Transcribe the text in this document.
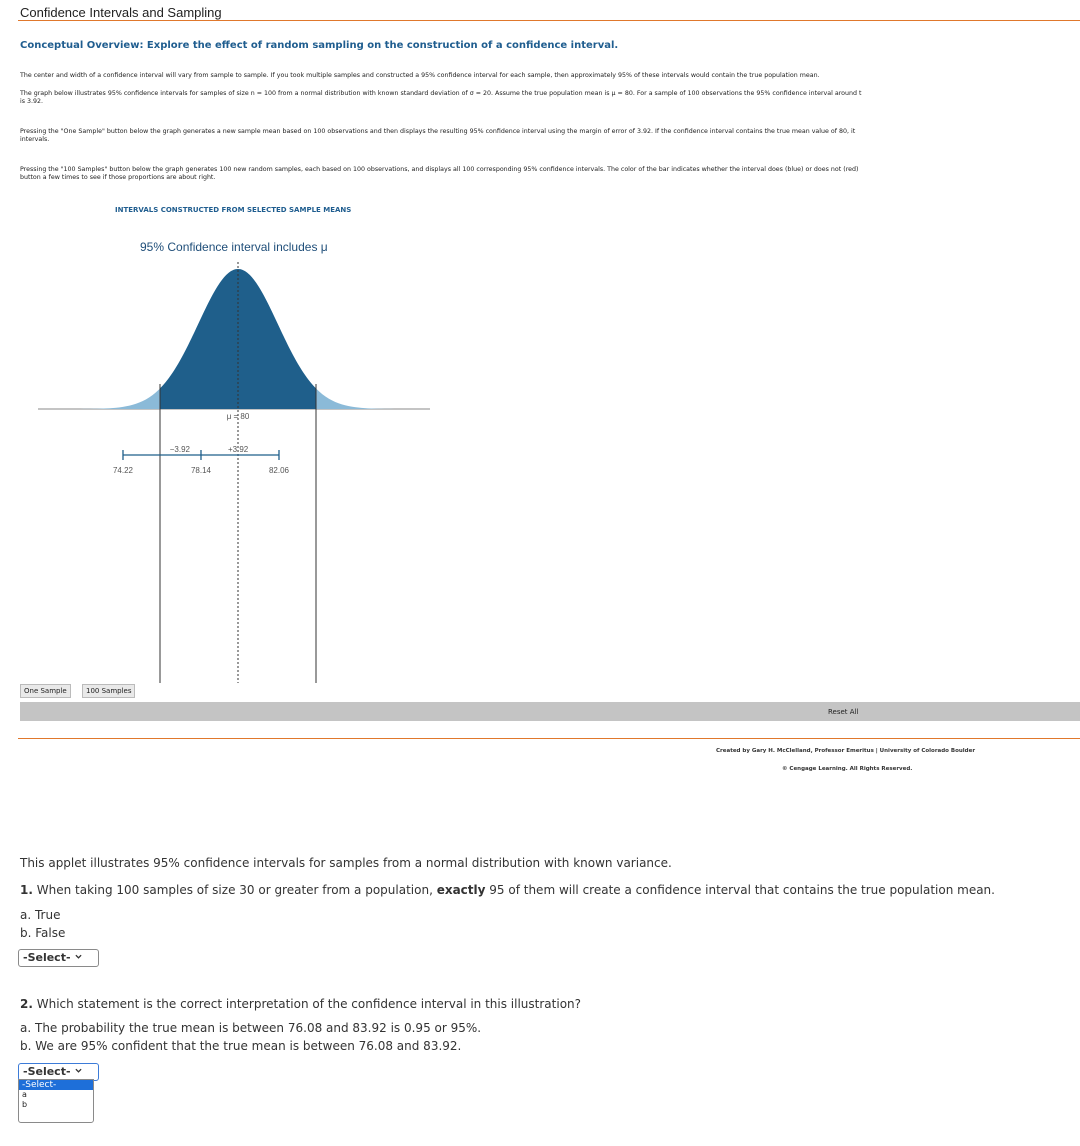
Confidence Intervals and Sampling
Conceptual Overview: Explore the effect of random sampling on the construction of a confidence interval.
The center and width of a confidence interval will vary from sample to sample. If you took multiple samples and constructed a 95% confidence interval for each sample, then approximately 95% of these intervals would contain the true population mean.
The graph below illustrates 95% confidence intervals for samples of size n = 100 from a normal distribution with known standard deviation of σ = 20. Assume the true population mean is μ = 80. For a sample of 100 observations the 95% confidence interval around t
is 3.92.
Pressing the "One Sample" button below the graph generates a new sample mean based on 100 observations and then displays the resulting 95% confidence interval using the margin of error of 3.92. If the confidence interval contains the true mean value of 80, it
intervals.
Pressing the "100 Samples" button below the graph generates 100 new random samples, each based on 100 observations, and displays all 100 corresponding 95% confidence intervals. The color of the bar indicates whether the interval does (blue) or does not (red)
button a few times to see if those proportions are about right.
INTERVALS CONSTRUCTED FROM SELECTED SAMPLE MEANS
95% Confidence interval includes μ
μ = 80
−3.92	+3.92
74.22	78.14	82.06
One Sample	100 Samples
Reset All
Created by Gary H. McClelland, Professor Emeritus | University of Colorado Boulder
© Cengage Learning. All Rights Reserved.
This applet illustrates 95% confidence intervals for samples from a normal distribution with known variance.
1. When taking 100 samples of size 30 or greater from a population, exactly 95 of them will create a confidence interval that contains the true population mean.
a. True
b. False
-Select-
2. Which statement is the correct interpretation of the confidence interval in this illustration?
a. The probability the true mean is between 76.08 and 83.92 is 0.95 or 95%.
b. We are 95% confident that the true mean is between 76.08 and 83.92.
-Select-
-Select-
a
b
